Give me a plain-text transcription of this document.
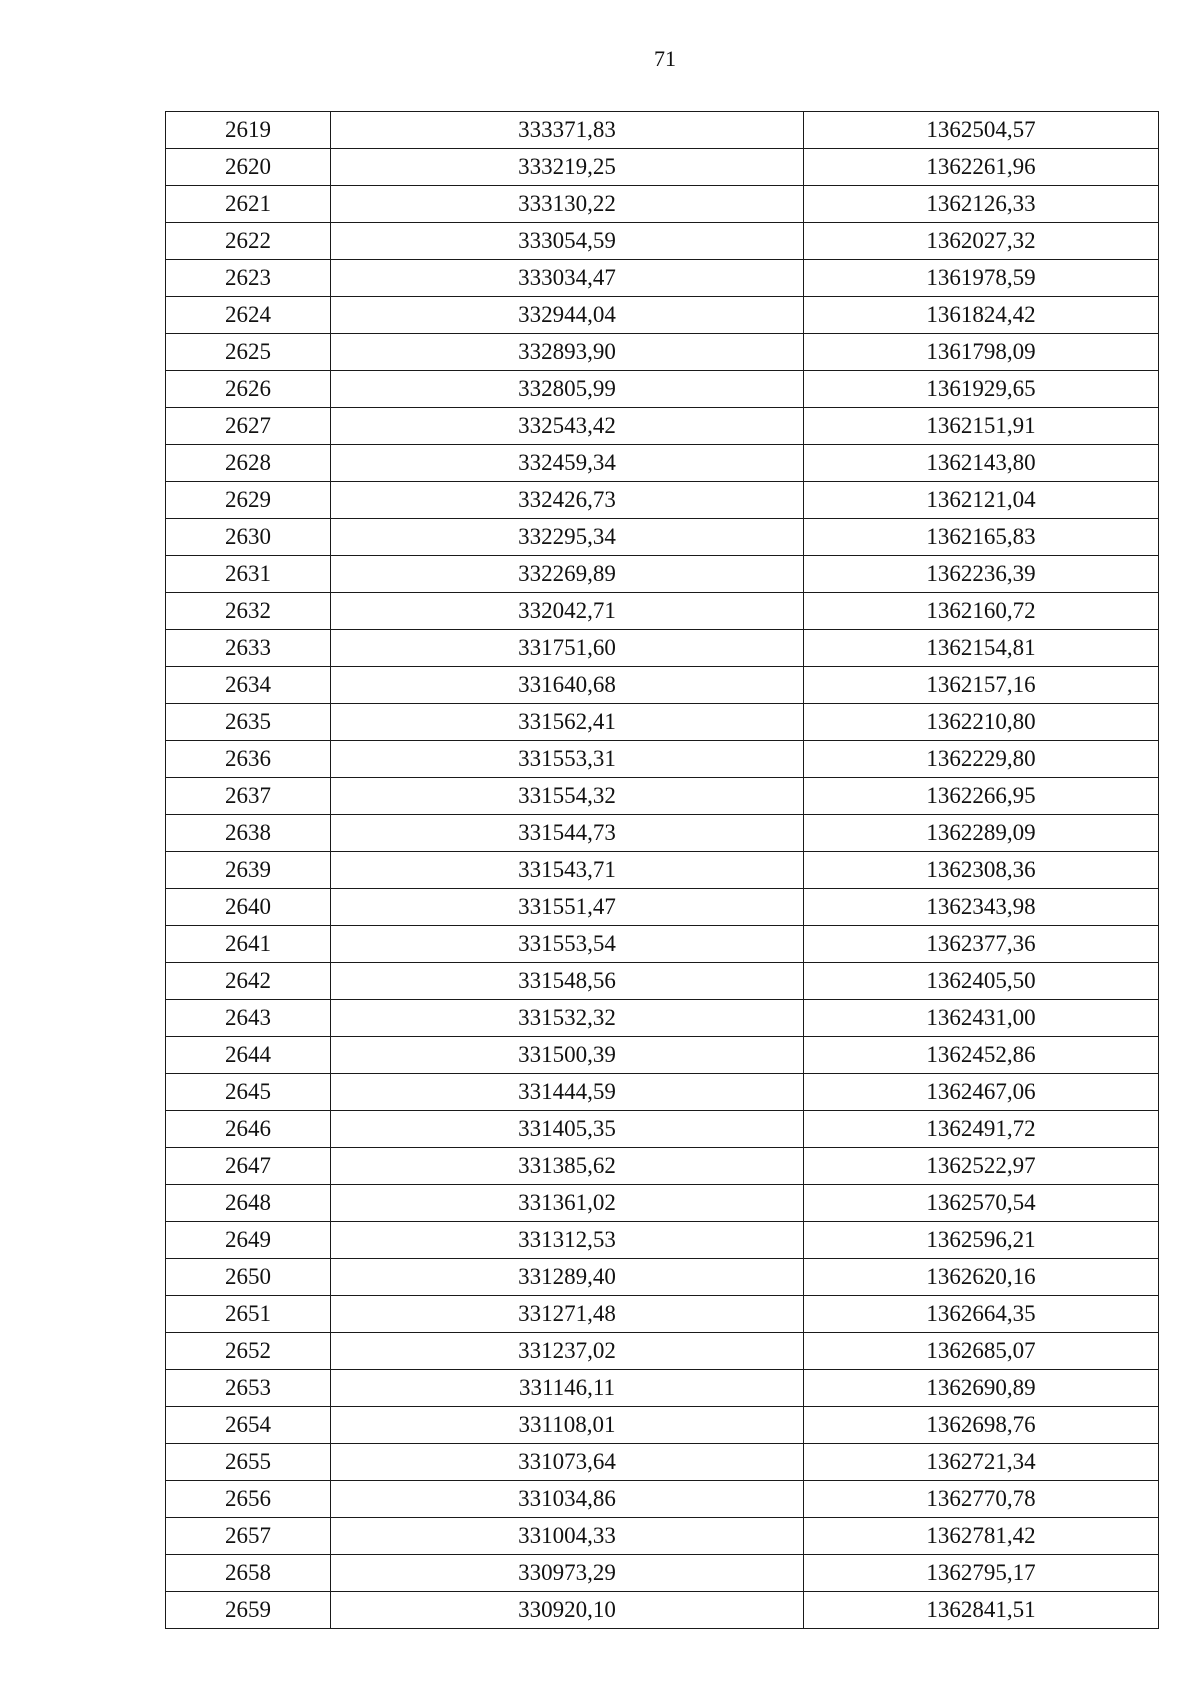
71
2619	333371,83	1362504,57
2620	333219,25	1362261,96
2621	333130,22	1362126,33
2622	333054,59	1362027,32
2623	333034,47	1361978,59
2624	332944,04	1361824,42
2625	332893,90	1361798,09
2626	332805,99	1361929,65
2627	332543,42	1362151,91
2628	332459,34	1362143,80
2629	332426,73	1362121,04
2630	332295,34	1362165,83
2631	332269,89	1362236,39
2632	332042,71	1362160,72
2633	331751,60	1362154,81
2634	331640,68	1362157,16
2635	331562,41	1362210,80
2636	331553,31	1362229,80
2637	331554,32	1362266,95
2638	331544,73	1362289,09
2639	331543,71	1362308,36
2640	331551,47	1362343,98
2641	331553,54	1362377,36
2642	331548,56	1362405,50
2643	331532,32	1362431,00
2644	331500,39	1362452,86
2645	331444,59	1362467,06
2646	331405,35	1362491,72
2647	331385,62	1362522,97
2648	331361,02	1362570,54
2649	331312,53	1362596,21
2650	331289,40	1362620,16
2651	331271,48	1362664,35
2652	331237,02	1362685,07
2653	331146,11	1362690,89
2654	331108,01	1362698,76
2655	331073,64	1362721,34
2656	331034,86	1362770,78
2657	331004,33	1362781,42
2658	330973,29	1362795,17
2659	330920,10	1362841,51
